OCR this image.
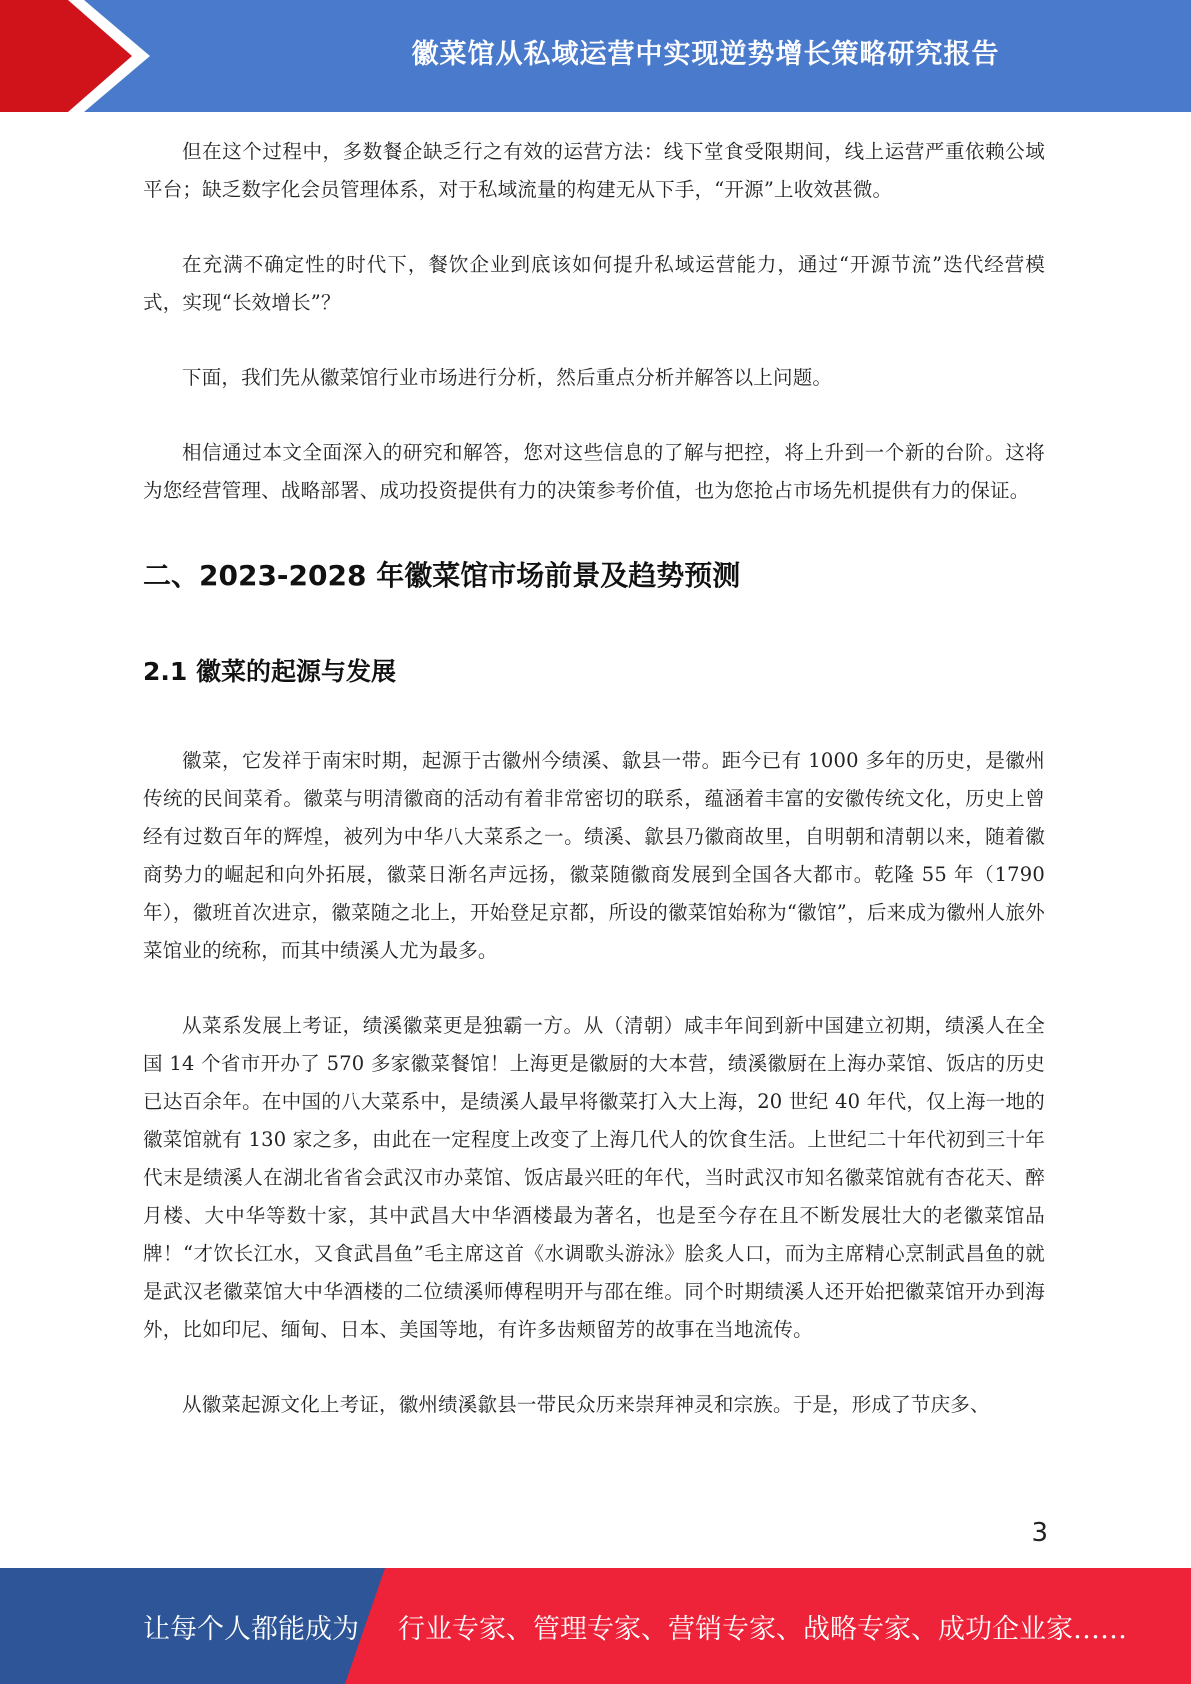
徽菜馆从私域运营中实现逆势增长策略研究报告

但在这个过程中，多数餐企缺乏行之有效的运营方法：线下堂食受限期间，线上运营严重依赖公域平台；缺乏数字化会员管理体系，对于私域流量的构建无从下手，“开源”上收效甚微。

在充满不确定性的时代下，餐饮企业到底该如何提升私域运营能力，通过“开源节流”迭代经营模式，实现“长效增长”？

下面，我们先从徽菜馆行业市场进行分析，然后重点分析并解答以上问题。

相信通过本文全面深入的研究和解答，您对这些信息的了解与把控，将上升到一个新的台阶。这将为您经营管理、战略部署、成功投资提供有力的决策参考价值，也为您抢占市场先机提供有力的保证。

二、2023-2028 年徽菜馆市场前景及趋势预测
2.1 徽菜的起源与发展

徽菜，它发祥于南宋时期，起源于古徽州今绩溪、歙县一带。距今已有 1000 多年的历史，是徽州传统的民间菜肴。徽菜与明清徽商的活动有着非常密切的联系，蕴涵着丰富的安徽传统文化，历史上曾经有过数百年的辉煌，被列为中华八大菜系之一。绩溪、歙县乃徽商故里，自明朝和清朝以来，随着徽商势力的崛起和向外拓展，徽菜日渐名声远扬，徽菜随徽商发展到全国各大都市。乾隆 55 年（1790 年），徽班首次进京，徽菜随之北上，开始登足京都，所设的徽菜馆始称为“徽馆”，后来成为徽州人旅外菜馆业的统称，而其中绩溪人尤为最多。

从菜系发展上考证，绩溪徽菜更是独霸一方。从（清朝）咸丰年间到新中国建立初期，绩溪人在全国 14 个省市开办了 570 多家徽菜餐馆！上海更是徽厨的大本营，绩溪徽厨在上海办菜馆、饭店的历史已达百余年。在中国的八大菜系中，是绩溪人最早将徽菜打入大上海，20 世纪 40 年代，仅上海一地的徽菜馆就有 130 家之多，由此在一定程度上改变了上海几代人的饮食生活。上世纪二十年代初到三十年代末是绩溪人在湖北省省会武汉市办菜馆、饭店最兴旺的年代，当时武汉市知名徽菜馆就有杏花天、醉月楼、大中华等数十家，其中武昌大中华酒楼最为著名，也是至今存在且不断发展壮大的老徽菜馆品牌！“才饮长江水，又食武昌鱼”毛主席这首《水调歌头游泳》脍炙人口，而为主席精心烹制武昌鱼的就是武汉老徽菜馆大中华酒楼的二位绩溪师傅程明开与邵在维。同个时期绩溪人还开始把徽菜馆开办到海外，比如印尼、缅甸、日本、美国等地，有许多齿颊留芳的故事在当地流传。

从徽菜起源文化上考证，徽州绩溪歙县一带民众历来崇拜神灵和宗族。于是，形成了节庆多、

3
让每个人都能成为 行业专家、管理专家、营销专家、战略专家、成功企业家……
